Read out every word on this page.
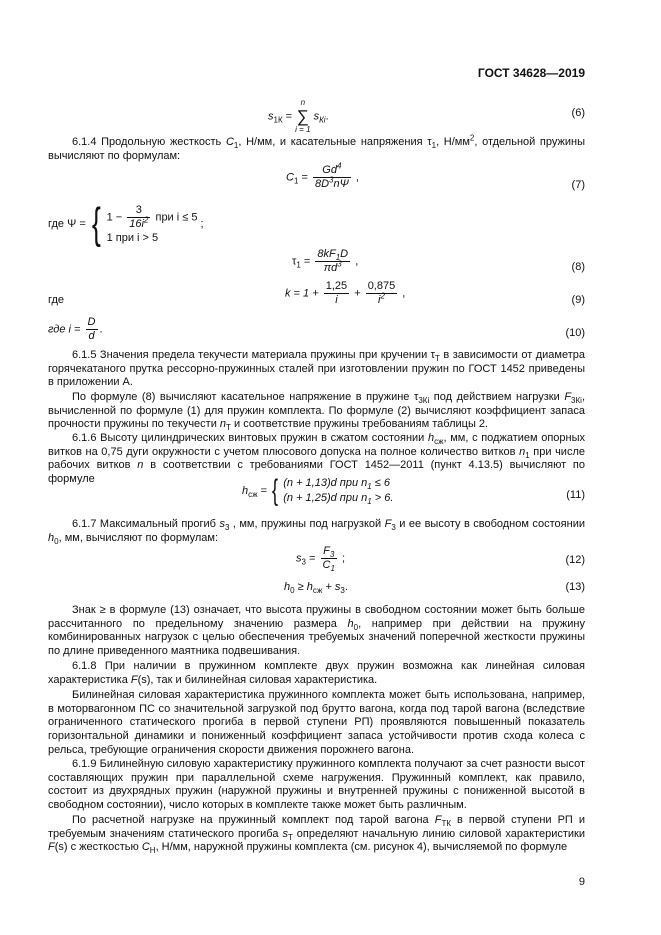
ГОСТ 34628—2019
$s_{1К} = n$
∑
i = 1 $s_{Кi}$.	(6)
6.1.4 Продольную жесткость $C_1$, Н/мм, и касательные напряжения $\tau_1$, $Н/мм^2$, отдельной пружины вычисляют по формулам:
$C_1 = \frac{Gd^4}{8D^3n\Psi}$ ,
(7)
где Ψ = { $1 - \frac{3}{16i^2}$ при i ≤ 5
1 при i > 5
;
$\tau_1 = \frac{8kF_1D}{\pi d^3}$ ,	(8)
где
$k = 1 + \frac{1,25}{i} + \frac{0,875}{i^2}$ ,
(9)
где $i = \frac{D}{d}$ .	(10)
6.1.5 Значения предела текучести материала пружины при кручении $\tau_Т$ в зависимости от диаметра горячекатаного прутка рессорно-пружинных сталей при изготовлении пружин по ГОСТ 1452 приведены в приложении А.
По формуле (8) вычисляют касательное напряжение в пружине $\tau_{3Кi}$ под действием нагрузки $F_{3Кi}$, вычисленной по формуле (1) для пружин комплекта. По формуле (2) вычисляют коэффициент запаса прочности пружины по текучести $n_Т$ и соответствие пружины требованиям таблицы 2.
6.1.6 Высоту цилиндрических винтовых пружин в сжатом состоянии $h_{сж}$, мм, с поджатием опорных витков на 0,75 дуги окружности с учетом плюсового допуска на полное количество витков $n_1$ при числе рабочих витков n в соответствии с требованиями ГОСТ 1452—2011 (пункт 4.13.5) вычисляют по формуле
$h_{сж}$ = { (n + 1,13)d при $n_1 \le 6$
(n + 1,25)d при $n_1 > 6$.	(11)
6.1.7 Максимальный прогиб $s_3$ , мм, пружины под нагрузкой $F_3$ и ее высоту в свободном состоянии $h_0$, мм, вычисляют по формулам:
$s_3 = \frac{F_3}{C_1}$ ;	(12)
$h_0 \ge h_{сж} + s_3$.	(13)
Знак ≥ в формуле (13) означает, что высота пружины в свободном состоянии может быть больше рассчитанного по предельному значению размера $h_0$, например при действии на пружину комбинированных нагрузок с целью обеспечения требуемых значений поперечной жесткости пружины по длине приведенного маятника подвешивания.
6.1.8 При наличии в пружинном комплекте двух пружин возможна как линейная силовая характеристика F(s), так и билинейная силовая характеристика.
Билинейная силовая характеристика пружинного комплекта может быть использована, например, в моторвагонном ПС со значительной загрузкой под брутто вагона, когда под тарой вагона (вследствие ограниченного статического прогиба в первой ступени РП) проявляются повышенный показатель горизонтальной динамики и пониженный коэффициент запаса устойчивости против схода колеса с рельса, требующие ограничения скорости движения порожнего вагона.
6.1.9 Билинейную силовую характеристику пружинного комплекта получают за счет разности высот составляющих пружин при параллельной схеме нагружения. Пружинный комплект, как правило, состоит из двухрядных пружин (наружной пружины и внутренней пружины с пониженной высотой в свободном состоянии), число которых в комплекте также может быть различным.
По расчетной нагрузке на пружинный комплект под тарой вагона $F_{ТК}$ в первой ступени РП и требуемым значениям статического прогиба $s_Т$ определяют начальную линию силовой характеристики F(s) с жесткостью $C_Н$, Н/мм, наружной пружины комплекта (см. рисунок 4), вычисляемой по формуле
9
